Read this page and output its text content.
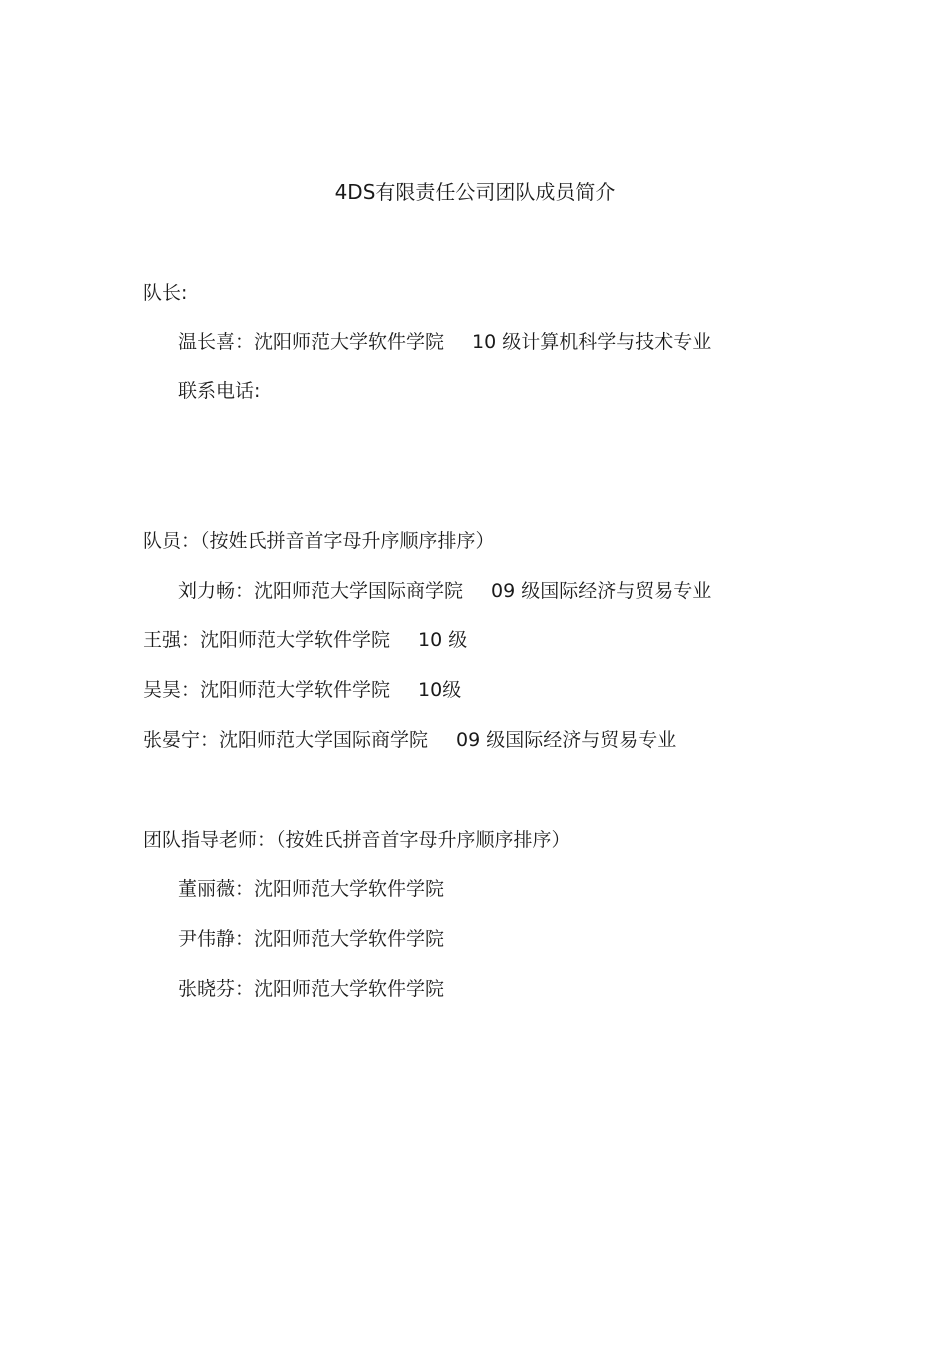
4DS有限责任公司团队成员简介
队长:
温长喜：沈阳师范大学软件学院 10 级计算机科学与技术专业
联系电话:
队员：（按姓氏拼音首字母升序顺序排序）
刘力畅：沈阳师范大学国际商学院 09 级国际经济与贸易专业
王强：沈阳师范大学软件学院 10 级
吴昊：沈阳师范大学软件学院 10级
张晏宁：沈阳师范大学国际商学院 09 级国际经济与贸易专业
团队指导老师：（按姓氏拼音首字母升序顺序排序）
董丽薇：沈阳师范大学软件学院
尹伟静：沈阳师范大学软件学院
张晓芬：沈阳师范大学软件学院
